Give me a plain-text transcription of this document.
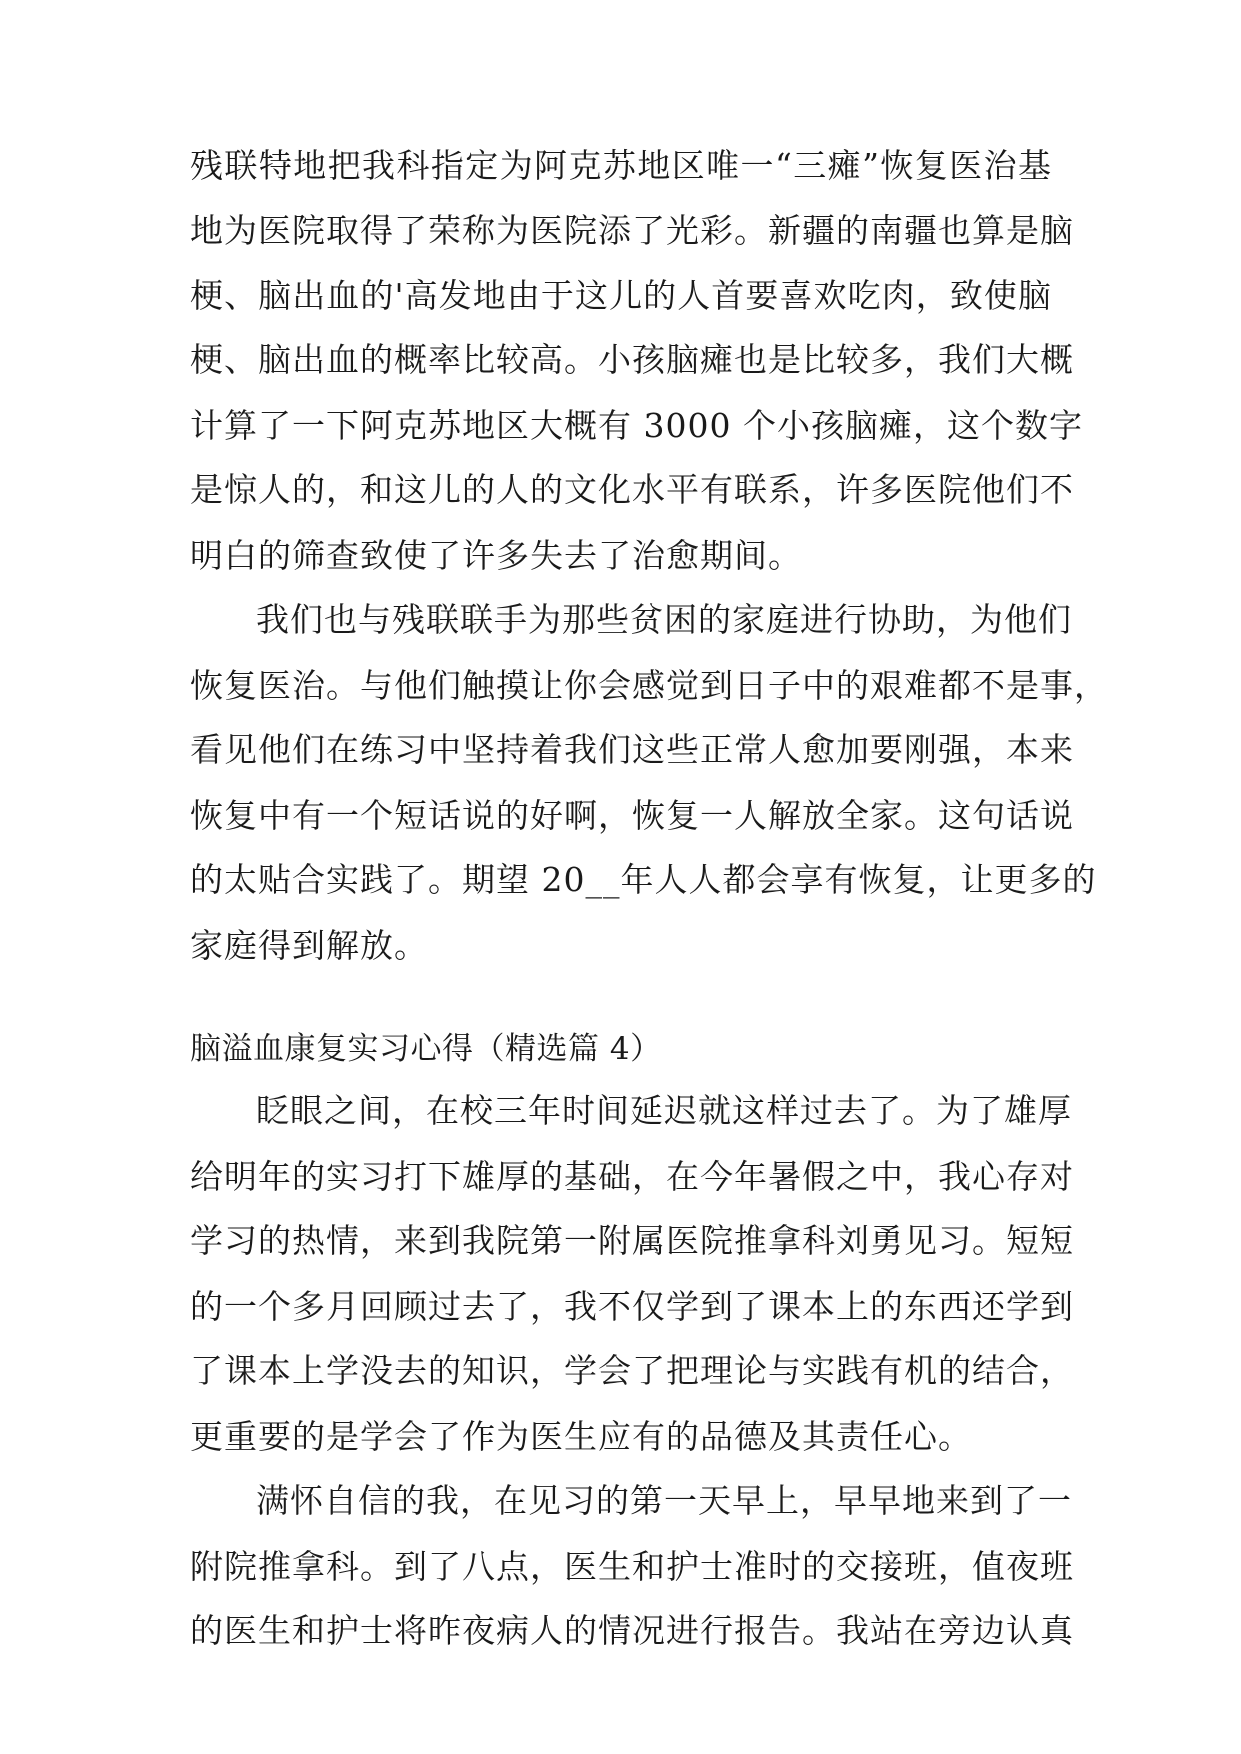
残联特地把我科指定为阿克苏地区唯一“三瘫”恢复医治基
地为医院取得了荣称为医院添了光彩。新疆的南疆也算是脑
梗、脑出血的'高发地由于这儿的人首要喜欢吃肉，致使脑
梗、脑出血的概率比较高。小孩脑瘫也是比较多，我们大概
计算了一下阿克苏地区大概有 3000 个小孩脑瘫，这个数字
是惊人的，和这儿的人的文化水平有联系，许多医院他们不
明白的筛查致使了许多失去了治愈期间。
我们也与残联联手为那些贫困的家庭进行协助，为他们
恢复医治。与他们触摸让你会感觉到日子中的艰难都不是事，
看见他们在练习中坚持着我们这些正常人愈加要刚强，本来
恢复中有一个短话说的好啊，恢复一人解放全家。这句话说
的太贴合实践了。期望 20__年人人都会享有恢复，让更多的
家庭得到解放。
脑溢血康复实习心得（精选篇 4）
眨眼之间，在校三年时间延迟就这样过去了。为了雄厚
给明年的实习打下雄厚的基础，在今年暑假之中，我心存对
学习的热情，来到我院第一附属医院推拿科刘勇见习。短短
的一个多月回顾过去了，我不仅学到了课本上的东西还学到
了课本上学没去的知识，学会了把理论与实践有机的结合，
更重要的是学会了作为医生应有的品德及其责任心。
满怀自信的我，在见习的第一天早上，早早地来到了一
附院推拿科。到了八点，医生和护士准时的交接班，值夜班
的医生和护士将昨夜病人的情况进行报告。我站在旁边认真
